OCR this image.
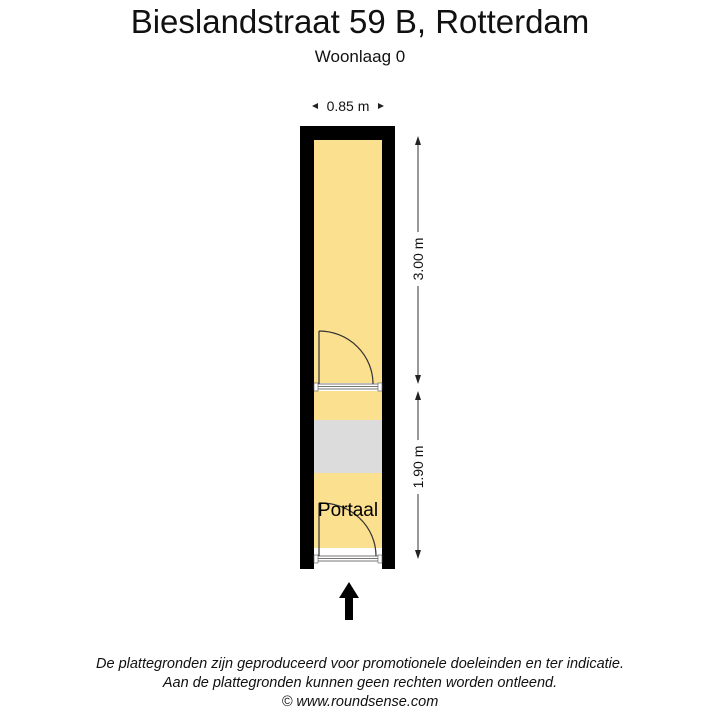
Bieslandstraat 59 B, Rotterdam
Woonlaag 0
0.85 m
Portaal
3.00 m
1.90 m
De plattegronden zijn geproduceerd voor promotionele doeleinden en ter indicatie.
Aan de plattegronden kunnen geen rechten worden ontleend.
© www.roundsense.com
